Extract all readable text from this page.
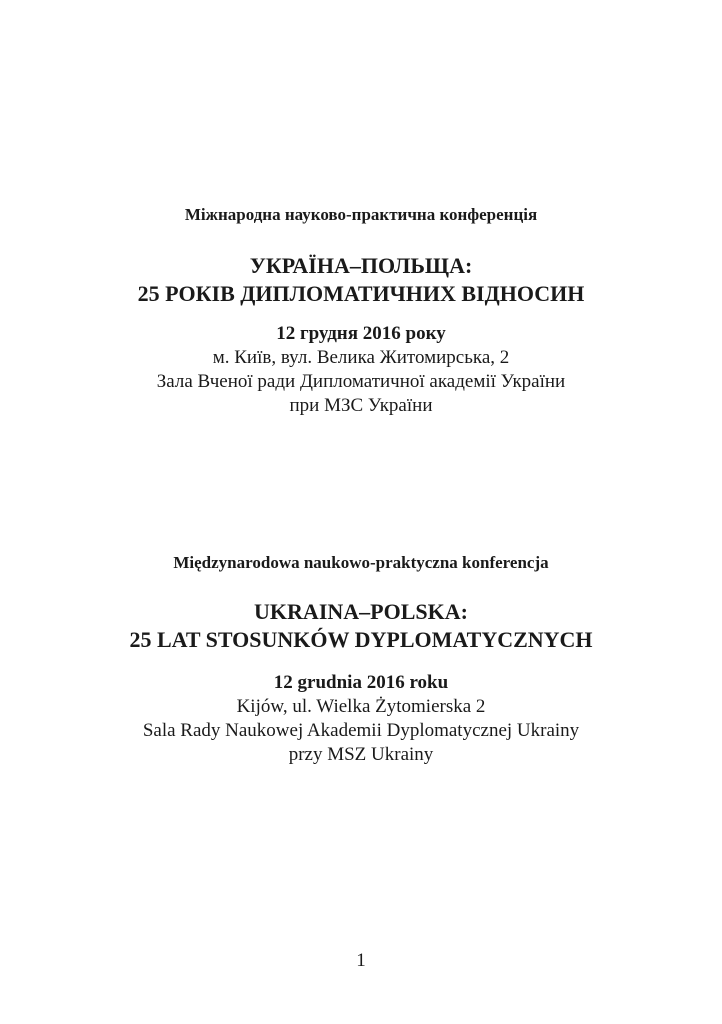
Міжнародна науково-практична конференція

УКРАЇНА–ПОЛЬЩА:

25 РОКІВ ДИПЛОМАТИЧНИХ ВІДНОСИН

12 грудня 2016 року

м. Київ, вул. Велика Житомирська, 2

Зала Вченої ради Дипломатичної академії України

при МЗС України

Międzynarodowa naukowo-praktyczna konferencja

UKRAINA–POLSKA:

25 LAT STOSUNKÓW DYPLOMATYCZNYCH

12 grudnia 2016 roku

Kijów, ul. Wielka Żytomierska 2

Sala Rady Naukowej Akademii Dyplomatycznej Ukrainy

przy MSZ Ukrainy

1
